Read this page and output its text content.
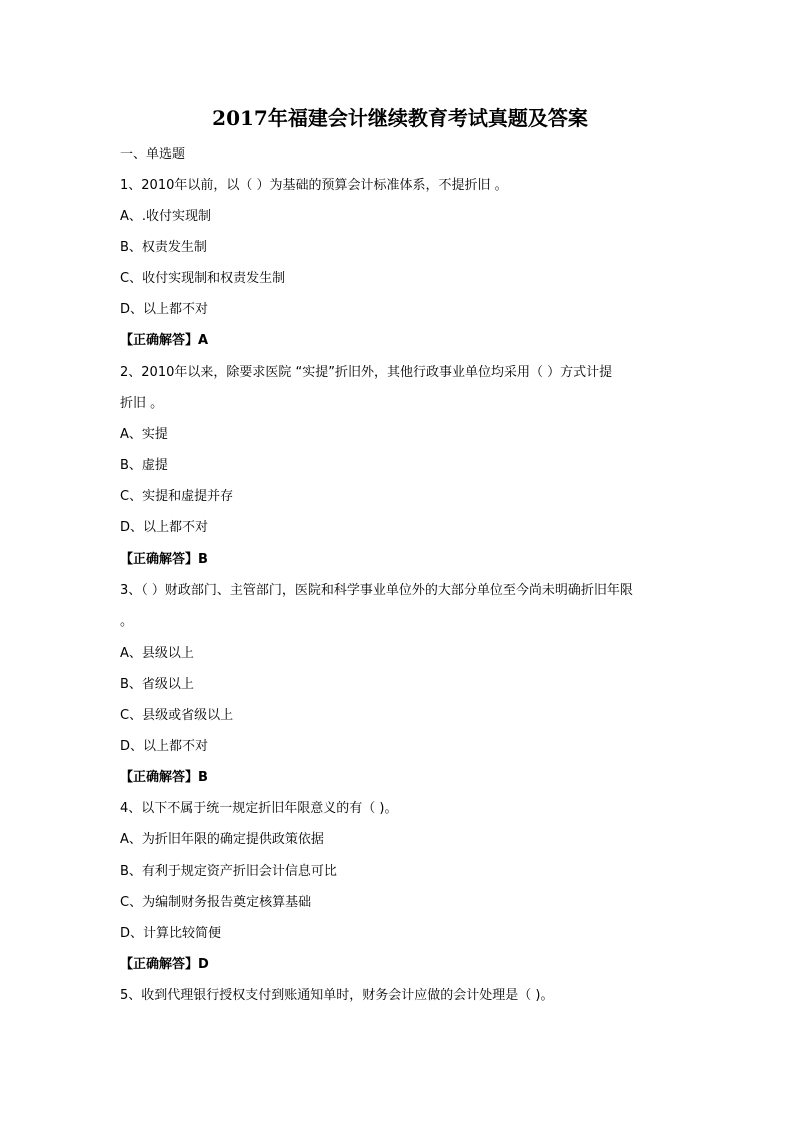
2017年福建会计继续教育考试真题及答案
一、单选题
1、2010年以前，以（ ）为基础的预算会计标准体系，不提折旧 。
A、.收付实现制
B、权责发生制
C、收付实现制和权责发生制
D、以上都不对
【正确解答】A
2、2010年以来，除要求医院 “实提”折旧外，其他行政事业单位均采用（ ）方式计提
折旧 。
A、实提
B、虚提
C、实提和虚提并存
D、以上都不对
【正确解答】B
3、（ ）财政部门、主管部门，医院和科学事业单位外的大部分单位至今尚未明确折旧年限
。
A、县级以上
B、省级以上
C、县级或省级以上
D、以上都不对
【正确解答】B
4、以下不属于统一规定折旧年限意义的有（ )。
A、为折旧年限的确定提供政策依据
B、有利于规定资产折旧会计信息可比
C、为编制财务报告奠定核算基础
D、计算比较简便
【正确解答】D
5、收到代理银行授权支付到账通知单时，财务会计应做的会计处理是（ )。
